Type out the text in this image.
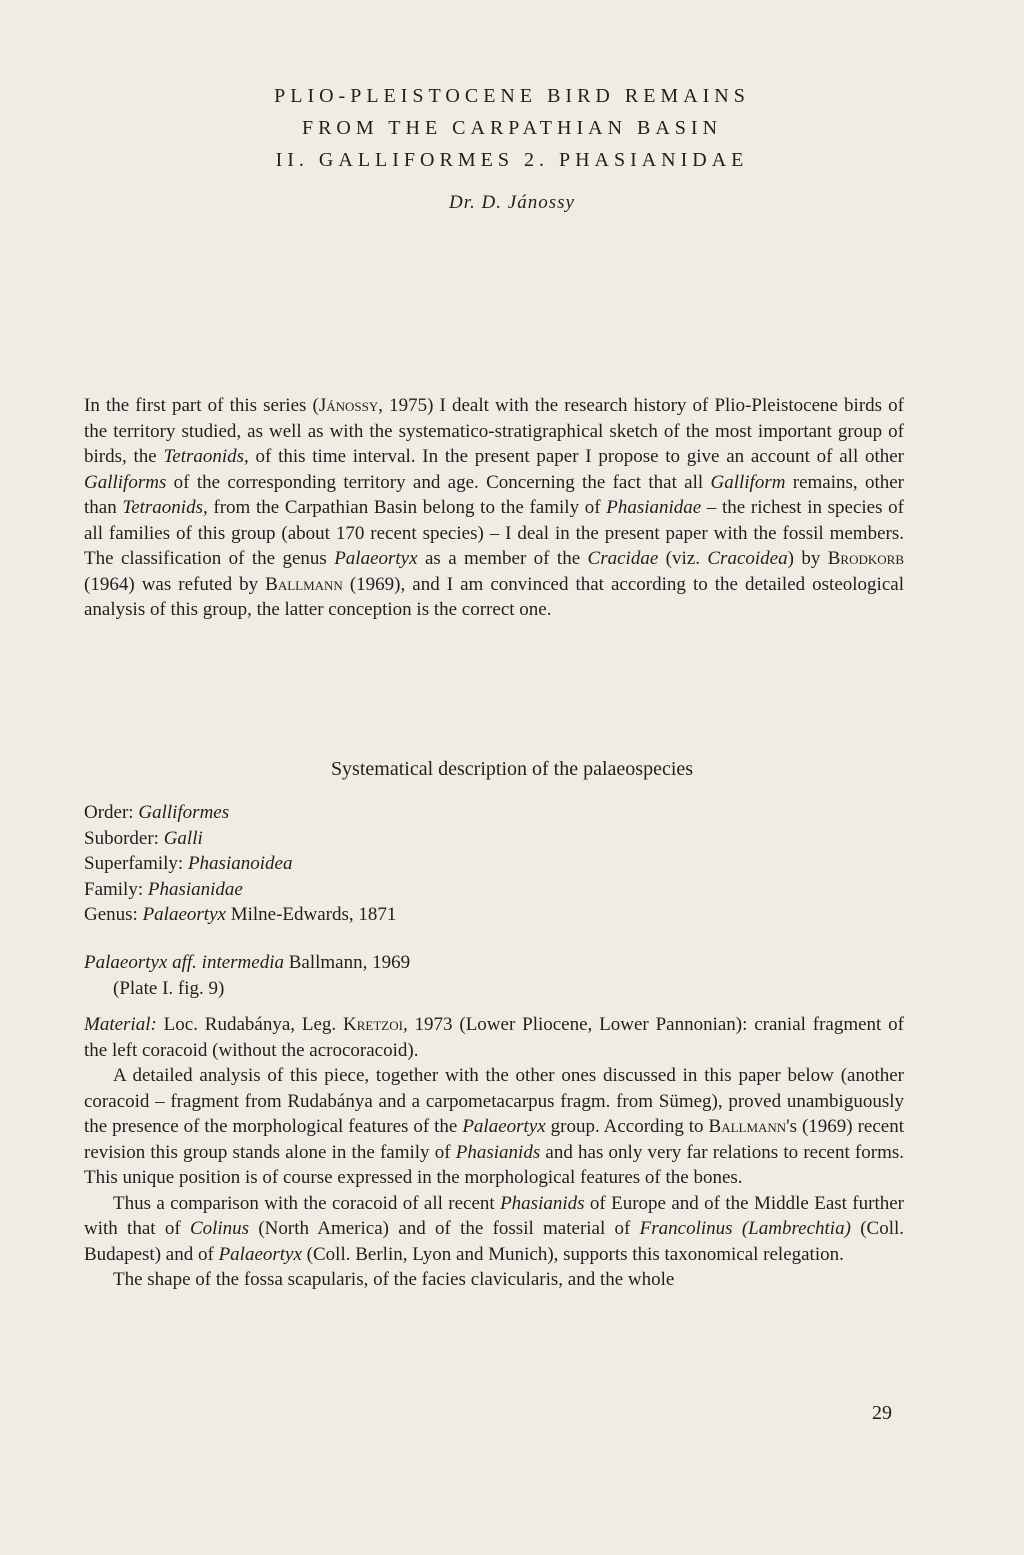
PLIO-PLEISTOCENE BIRD REMAINS
FROM THE CARPATHIAN BASIN
II. GALLIFORMES 2. PHASIANIDAE
Dr. D. Jánossy

In the first part of this series (Jánossy, 1975) I dealt with the research history of Plio-Pleistocene birds of the territory studied, as well as with the systematico-stratigraphical sketch of the most important group of birds, the Tetraonids, of this time interval. In the present paper I propose to give an account of all other Galliforms of the corresponding territory and age. Concerning the fact that all Galliform remains, other than Tetraonids, from the Carpathian Basin belong to the family of Phasianidae – the richest in species of all families of this group (about 170 recent species) – I deal in the present paper with the fossil members. The classification of the genus Palaeortyx as a member of the Cracidae (viz. Cracoidea) by Brodkorb (1964) was refuted by Ballmann (1969), and I am convinced that according to the detailed osteological analysis of this group, the latter conception is the correct one.

Systematical description of the palaeospecies
Order: Galliformes
Suborder: Galli
Superfamily: Phasianoidea
Family: Phasianidae
Genus: Palaeortyx Milne-Edwards, 1871
Palaeortyx aff. intermedia Ballmann, 1969
(Plate I. fig. 9)
Material: Loc. Rudabánya, Leg. Kretzoi, 1973 (Lower Pliocene, Lower Pannonian): cranial fragment of the left coracoid (without the acrocoracoid).
A detailed analysis of this piece, together with the other ones discussed in this paper below (another coracoid – fragment from Rudabánya and a carpometacarpus fragm. from Sümeg), proved unambiguously the presence of the morphological features of the Palaeortyx group. According to Ballmann's (1969) recent revision this group stands alone in the family of Phasianids and has only very far relations to recent forms. This unique position is of course expressed in the morphological features of the bones.
Thus a comparison with the coracoid of all recent Phasianids of Europe and of the Middle East further with that of Colinus (North America) and of the fossil material of Francolinus (Lambrechtia) (Coll. Budapest) and of Palaeortyx (Coll. Berlin, Lyon and Munich), supports this taxonomical relegation.
The shape of the fossa scapularis, of the facies clavicularis, and the whole
29
